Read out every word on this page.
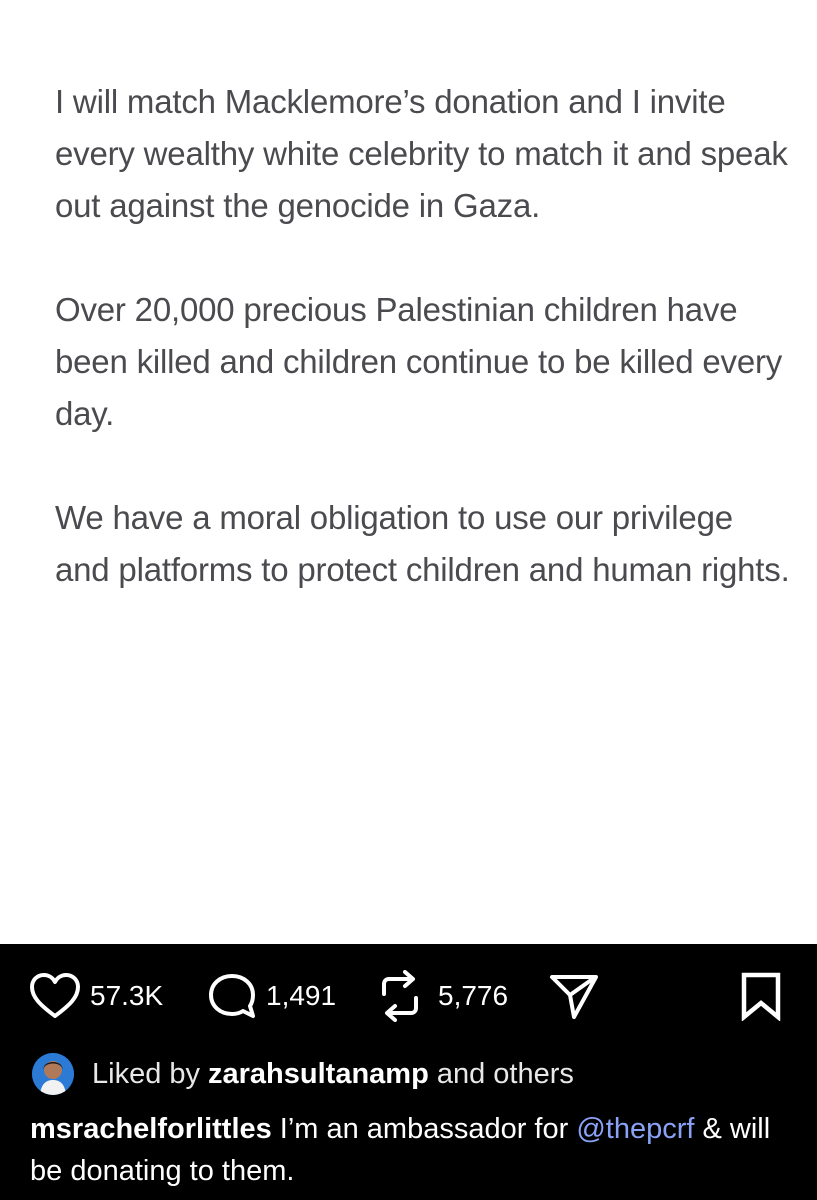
I will match Macklemore’s donation and I invite every wealthy white celebrity to match it and speak out against the genocide in Gaza.

Over 20,000 precious Palestinian children have been killed and children continue to be killed every day.

We have a moral obligation to use our privilege and platforms to protect children and human rights.

57.3K	1,491	5,776
Liked by zarahsultanamp and others
msrachelforlittles I’m an ambassador for @thepcrf & will be donating to them.
